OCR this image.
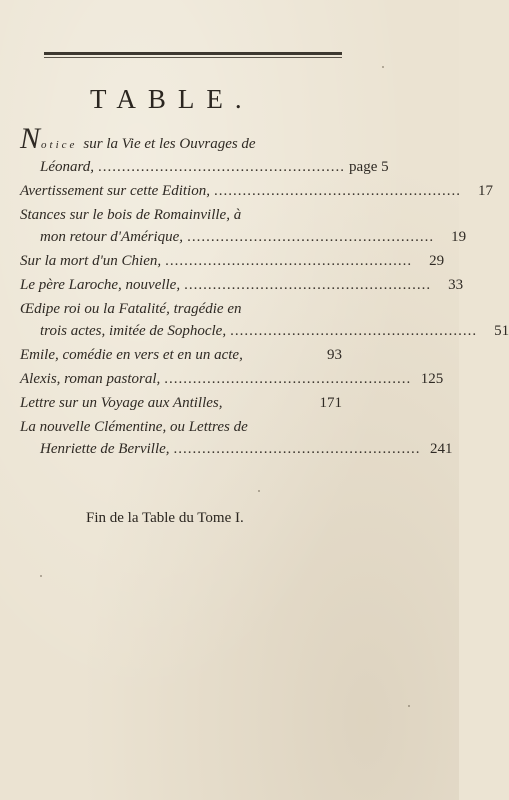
TABLE.
Notice sur la Vie et les Ouvrages de
Léonard, .................................................... page 5
Avertissement sur cette Edition, ....................................................	17
Stances sur le bois de Romainville, à
mon retour d'Amérique, ....................................................	19
Sur la mort d'un Chien, ....................................................	29
Le père Laroche, nouvelle, ....................................................	33
Œdipe roi ou la Fatalité, tragédie en
trois actes, imitée de Sophocle, ....................................................	51
Emile, comédie en vers et en un acte,	93
Alexis, roman pastoral, .................................................... 125
Lettre sur un Voyage aux Antilles,	171
La nouvelle Clémentine, ou Lettres de
Henriette de Berville, .................................................... 241
Fin de la Table du Tome I.
